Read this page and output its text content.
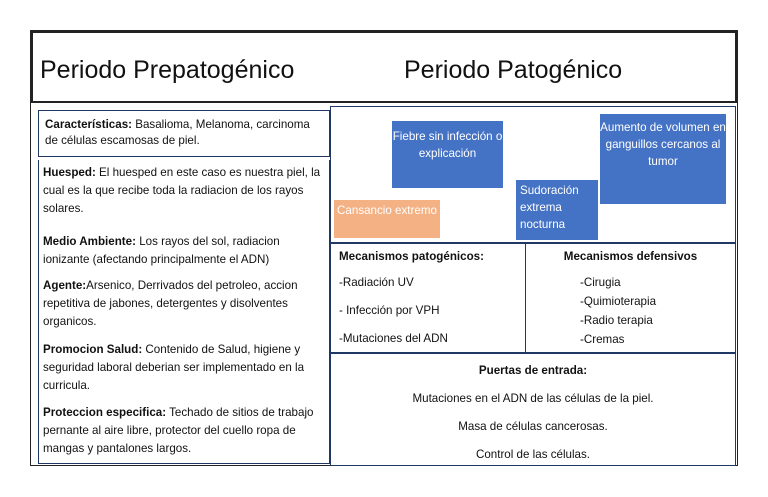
Periodo Prepatogénico	Periodo Patogénico
Características: Basalioma, Melanoma, carcinoma de células escamosas de piel.
Huesped: El huesped en este caso es nuestra piel, la cual es la que recibe toda la radiacion de los rayos solares.
Medio Ambiente: Los rayos del sol, radiacion ionizante (afectando principalmente el ADN)
Agente:Arsenico, Derrivados del petroleo, accion repetitiva de jabones, detergentes y disolventes organicos.
Promocion Salud: Contenido de Salud, higiene y seguridad laboral deberian ser implementado en la curricula.
Proteccion especifica: Techado de sitios de trabajo pernante al aire libre, protector del cuello ropa de mangas y pantalones largos.
Fiebre sin infección o explicación
Aumento de volumen en ganguillos cercanos al tumor
Sudoración extrema nocturna
Cansancio extremo
Mecanismos patogénicos:
-Radiación UV
- Infección por VPH
-Mutaciones del ADN
Mecanismos defensivos
-Cirugia
-Quimioterapia
-Radio terapia
-Cremas
Puertas de entrada:
Mutaciones en el ADN de las células de la piel.
Masa de células cancerosas.
Control de las células.
